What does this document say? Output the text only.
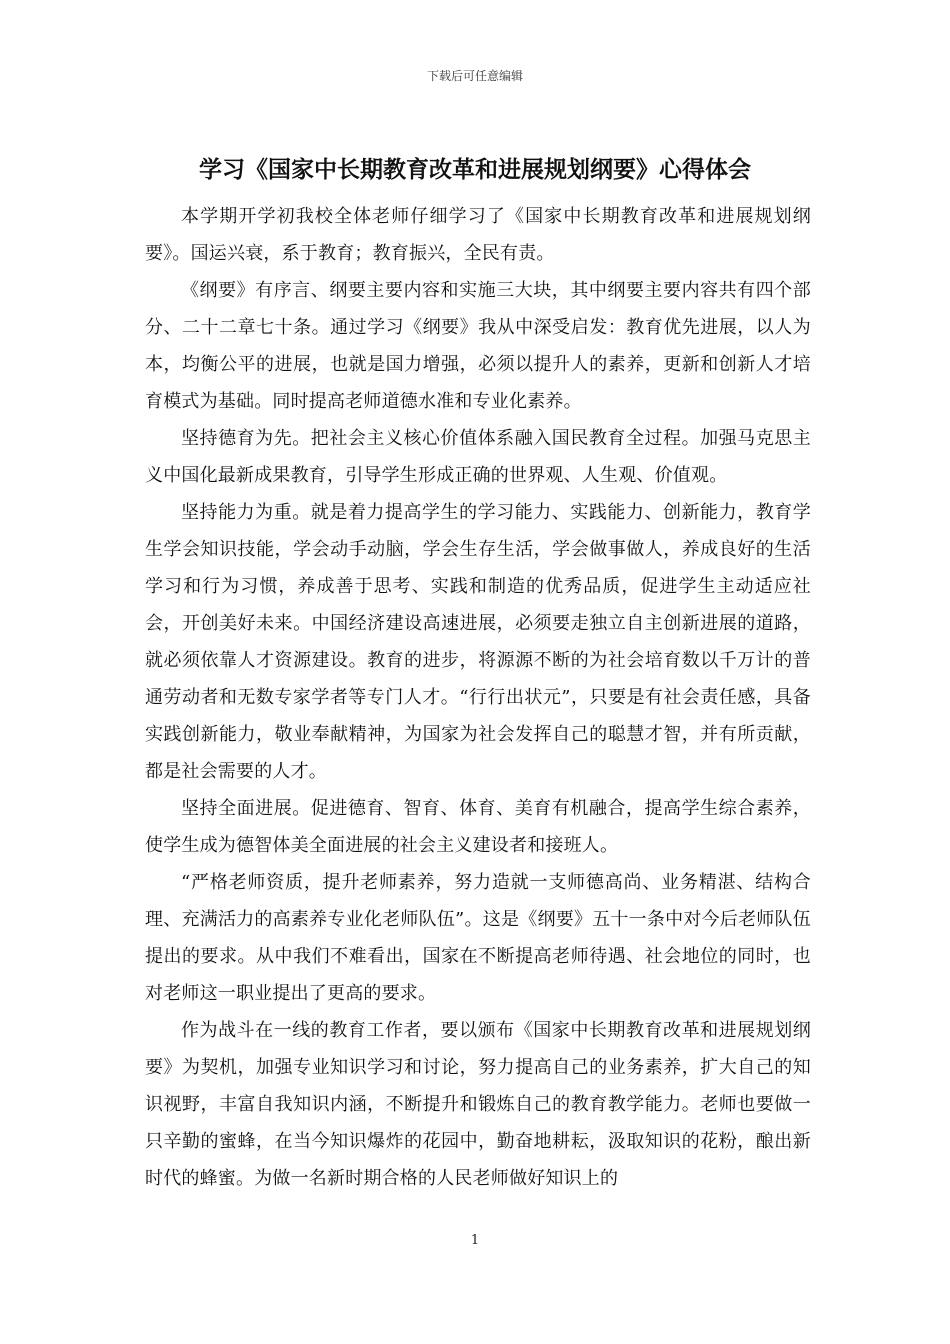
下载后可任意编辑
学习《国家中长期教育改革和进展规划纲要》心得体会

本学期开学初我校全体老师仔细学习了《国家中长期教育改革和进展规划纲要》。国运兴衰，系于教育；教育振兴，全民有责。

《纲要》有序言、纲要主要内容和实施三大块，其中纲要主要内容共有四个部分、二十二章七十条。通过学习《纲要》我从中深受启发：教育优先进展，以人为本，均衡公平的进展，也就是国力增强，必须以提升人的素养，更新和创新人才培育模式为基础。同时提高老师道德水准和专业化素养。

坚持德育为先。把社会主义核心价值体系融入国民教育全过程。加强马克思主义中国化最新成果教育，引导学生形成正确的世界观、人生观、价值观。

坚持能力为重。就是着力提高学生的学习能力、实践能力、创新能力，教育学生学会知识技能，学会动手动脑，学会生存生活，学会做事做人，养成良好的生活学习和行为习惯，养成善于思考、实践和制造的优秀品质，促进学生主动适应社会，开创美好未来。中国经济建设高速进展，必须要走独立自主创新进展的道路，就必须依靠人才资源建设。教育的进步，将源源不断的为社会培育数以千万计的普通劳动者和无数专家学者等专门人才。“行行出状元”，只要是有社会责任感，具备实践创新能力，敬业奉献精神，为国家为社会发挥自己的聪慧才智，并有所贡献，都是社会需要的人才。

坚持全面进展。促进德育、智育、体育、美育有机融合，提高学生综合素养，使学生成为德智体美全面进展的社会主义建设者和接班人。

“严格老师资质，提升老师素养，努力造就一支师德高尚、业务精湛、结构合理、充满活力的高素养专业化老师队伍”。这是《纲要》五十一条中对今后老师队伍提出的要求。从中我们不难看出，国家在不断提高老师待遇、社会地位的同时，也对老师这一职业提出了更高的要求。

作为战斗在一线的教育工作者，要以颁布《国家中长期教育改革和进展规划纲要》为契机，加强专业知识学习和讨论，努力提高自己的业务素养，扩大自己的知识视野，丰富自我知识内涵，不断提升和锻炼自己的教育教学能力。老师也要做一只辛勤的蜜蜂，在当今知识爆炸的花园中，勤奋地耕耘，汲取知识的花粉，酿出新时代的蜂蜜。为做一名新时期合格的人民老师做好知识上的

1
